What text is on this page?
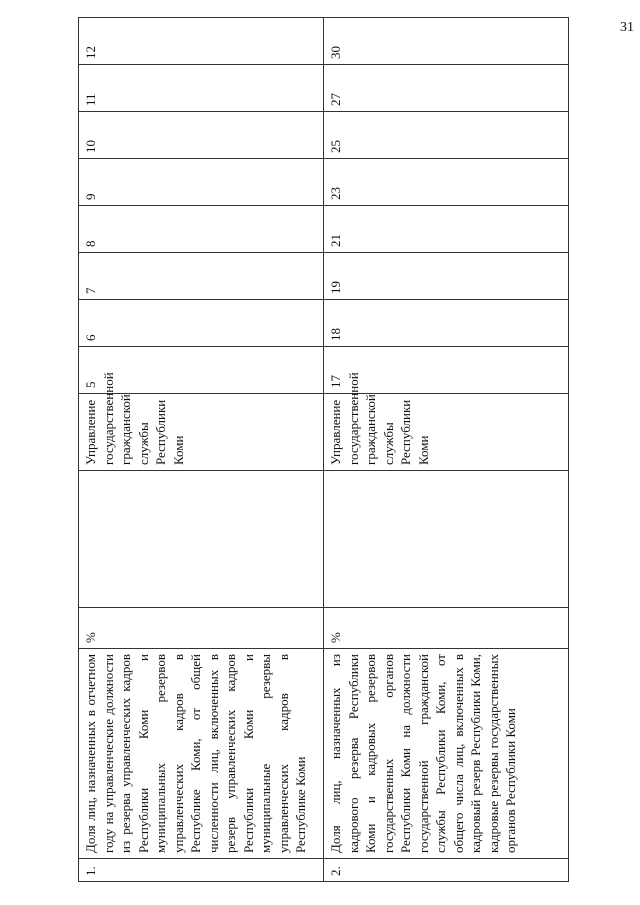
31
1.	Доля лиц, назначенных в отчетном году на управленческие должности из резерва управленческих кадров Республики Коми и муниципальных резервов управленческих кадров в Республике Коми, от общей численности лиц, включенных в резерв управленческих кадров Республики Коми и муниципальные резервы управленческих кадров в Республике Коми	%		Управление государственной гражданской службы Республики Коми	5	6	7	8	9	10	11	12
2.	Доля лиц, назначенных из кадрового резерва Республики Коми и кадровых резервов государственных органов Республики Коми на должности государственной гражданской службы Республики Коми, от общего числа лиц, включенных в кадровый резерв Республики Коми, кадровые резервы государственных органов Республики Коми	%		Управление государственной гражданской службы Республики Коми	17	18	19	21	23	25	27	30
